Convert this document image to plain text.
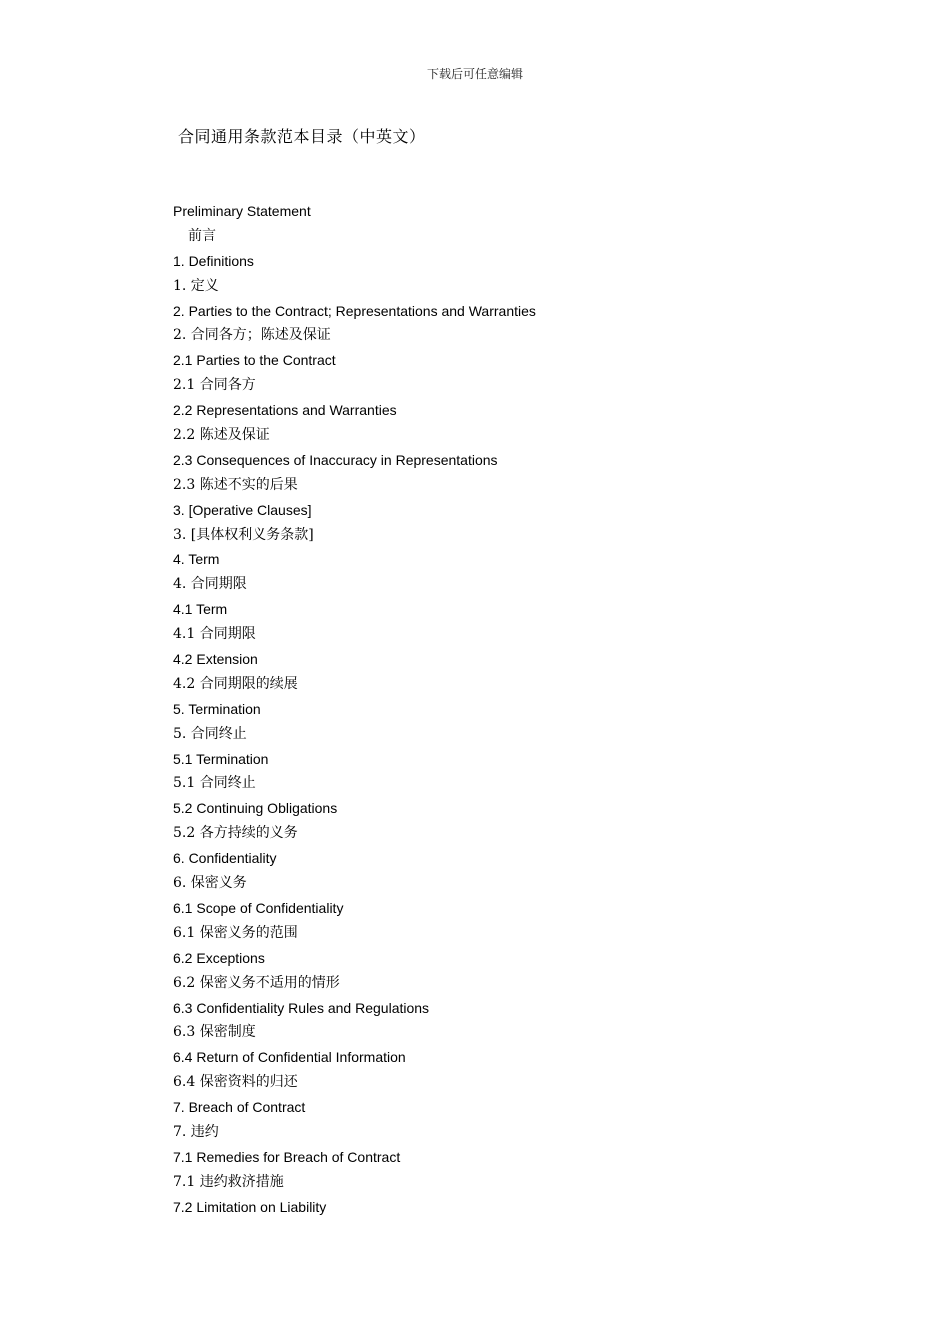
下载后可任意编辑
合同通用条款范本目录（中英文）
Preliminary Statement
前言
1. Definitions
1. 定义
2. Parties to the Contract; Representations and Warranties
2. 合同各方；陈述及保证
2.1 Parties to the Contract
2.1 合同各方
2.2 Representations and Warranties
2.2 陈述及保证
2.3 Consequences of Inaccuracy in Representations
2.3 陈述不实的后果
3. [Operative Clauses]
3. [具体权利义务条款]
4. Term
4. 合同期限
4.1 Term
4.1 合同期限
4.2 Extension
4.2 合同期限的续展
5. Termination
5. 合同终止
5.1 Termination
5.1 合同终止
5.2 Continuing Obligations
5.2 各方持续的义务
6. Confidentiality
6. 保密义务
6.1 Scope of Confidentiality
6.1 保密义务的范围
6.2 Exceptions
6.2 保密义务不适用的情形
6.3 Confidentiality Rules and Regulations
6.3 保密制度
6.4 Return of Confidential Information
6.4 保密资料的归还
7. Breach of Contract
7. 违约
7.1 Remedies for Breach of Contract
7.1 违约救济措施
7.2 Limitation on Liability
